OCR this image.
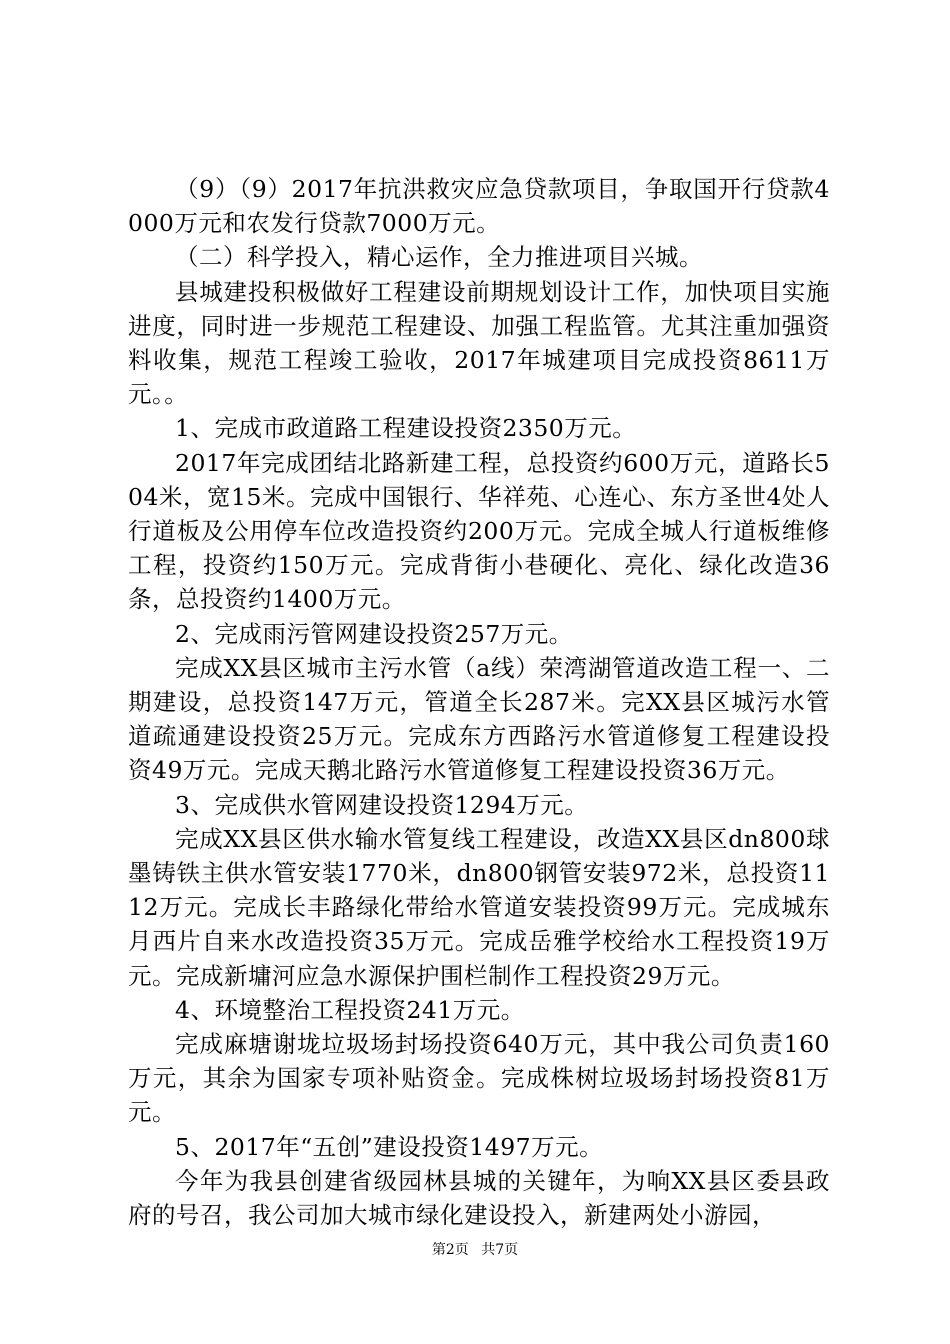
（9）（9）2017年抗洪救灾应急贷款项目，争取国开行贷款4000万元和农发行贷款7000万元。

（二）科学投入，精心运作，全力推进项目兴城。

县城建投积极做好工程建设前期规划设计工作，加快项目实施进度，同时进一步规范工程建设、加强工程监管。尤其注重加强资料收集，规范工程竣工验收，2017年城建项目完成投资8611万元。。

1、完成市政道路工程建设投资2350万元。

2017年完成团结北路新建工程，总投资约600万元，道路长504米，宽15米。完成中国银行、华祥苑、心连心、东方圣世4处人行道板及公用停车位改造投资约200万元。完成全城人行道板维修工程，投资约150万元。完成背街小巷硬化、亮化、绿化改造36条，总投资约1400万元。

2、完成雨污管网建设投资257万元。

完成XX县区城市主污水管（a线）荣湾湖管道改造工程一、二期建设，总投资147万元，管道全长287米。完XX县区城污水管道疏通建设投资25万元。完成东方西路污水管道修复工程建设投资49万元。完成天鹅北路污水管道修复工程建设投资36万元。

3、完成供水管网建设投资1294万元。

完成XX县区供水输水管复线工程建设，改造XX县区dn800球墨铸铁主供水管安装1770米，dn800钢管安装972米，总投资1112万元。完成长丰路绿化带给水管道安装投资99万元。完成城东月西片自来水改造投资35万元。完成岳雅学校给水工程投资19万元。完成新墉河应急水源保护围栏制作工程投资29万元。

4、环境整治工程投资241万元。

完成麻塘谢垅垃圾场封场投资640万元，其中我公司负责160万元，其余为国家专项补贴资金。完成株树垃圾场封场投资81万元。

5、2017年“五创”建设投资1497万元。

今年为我县创建省级园林县城的关键年，为响XX县区委县政府的号召，我公司加大城市绿化建设投入，新建两处小游园，

第2页 共7页
